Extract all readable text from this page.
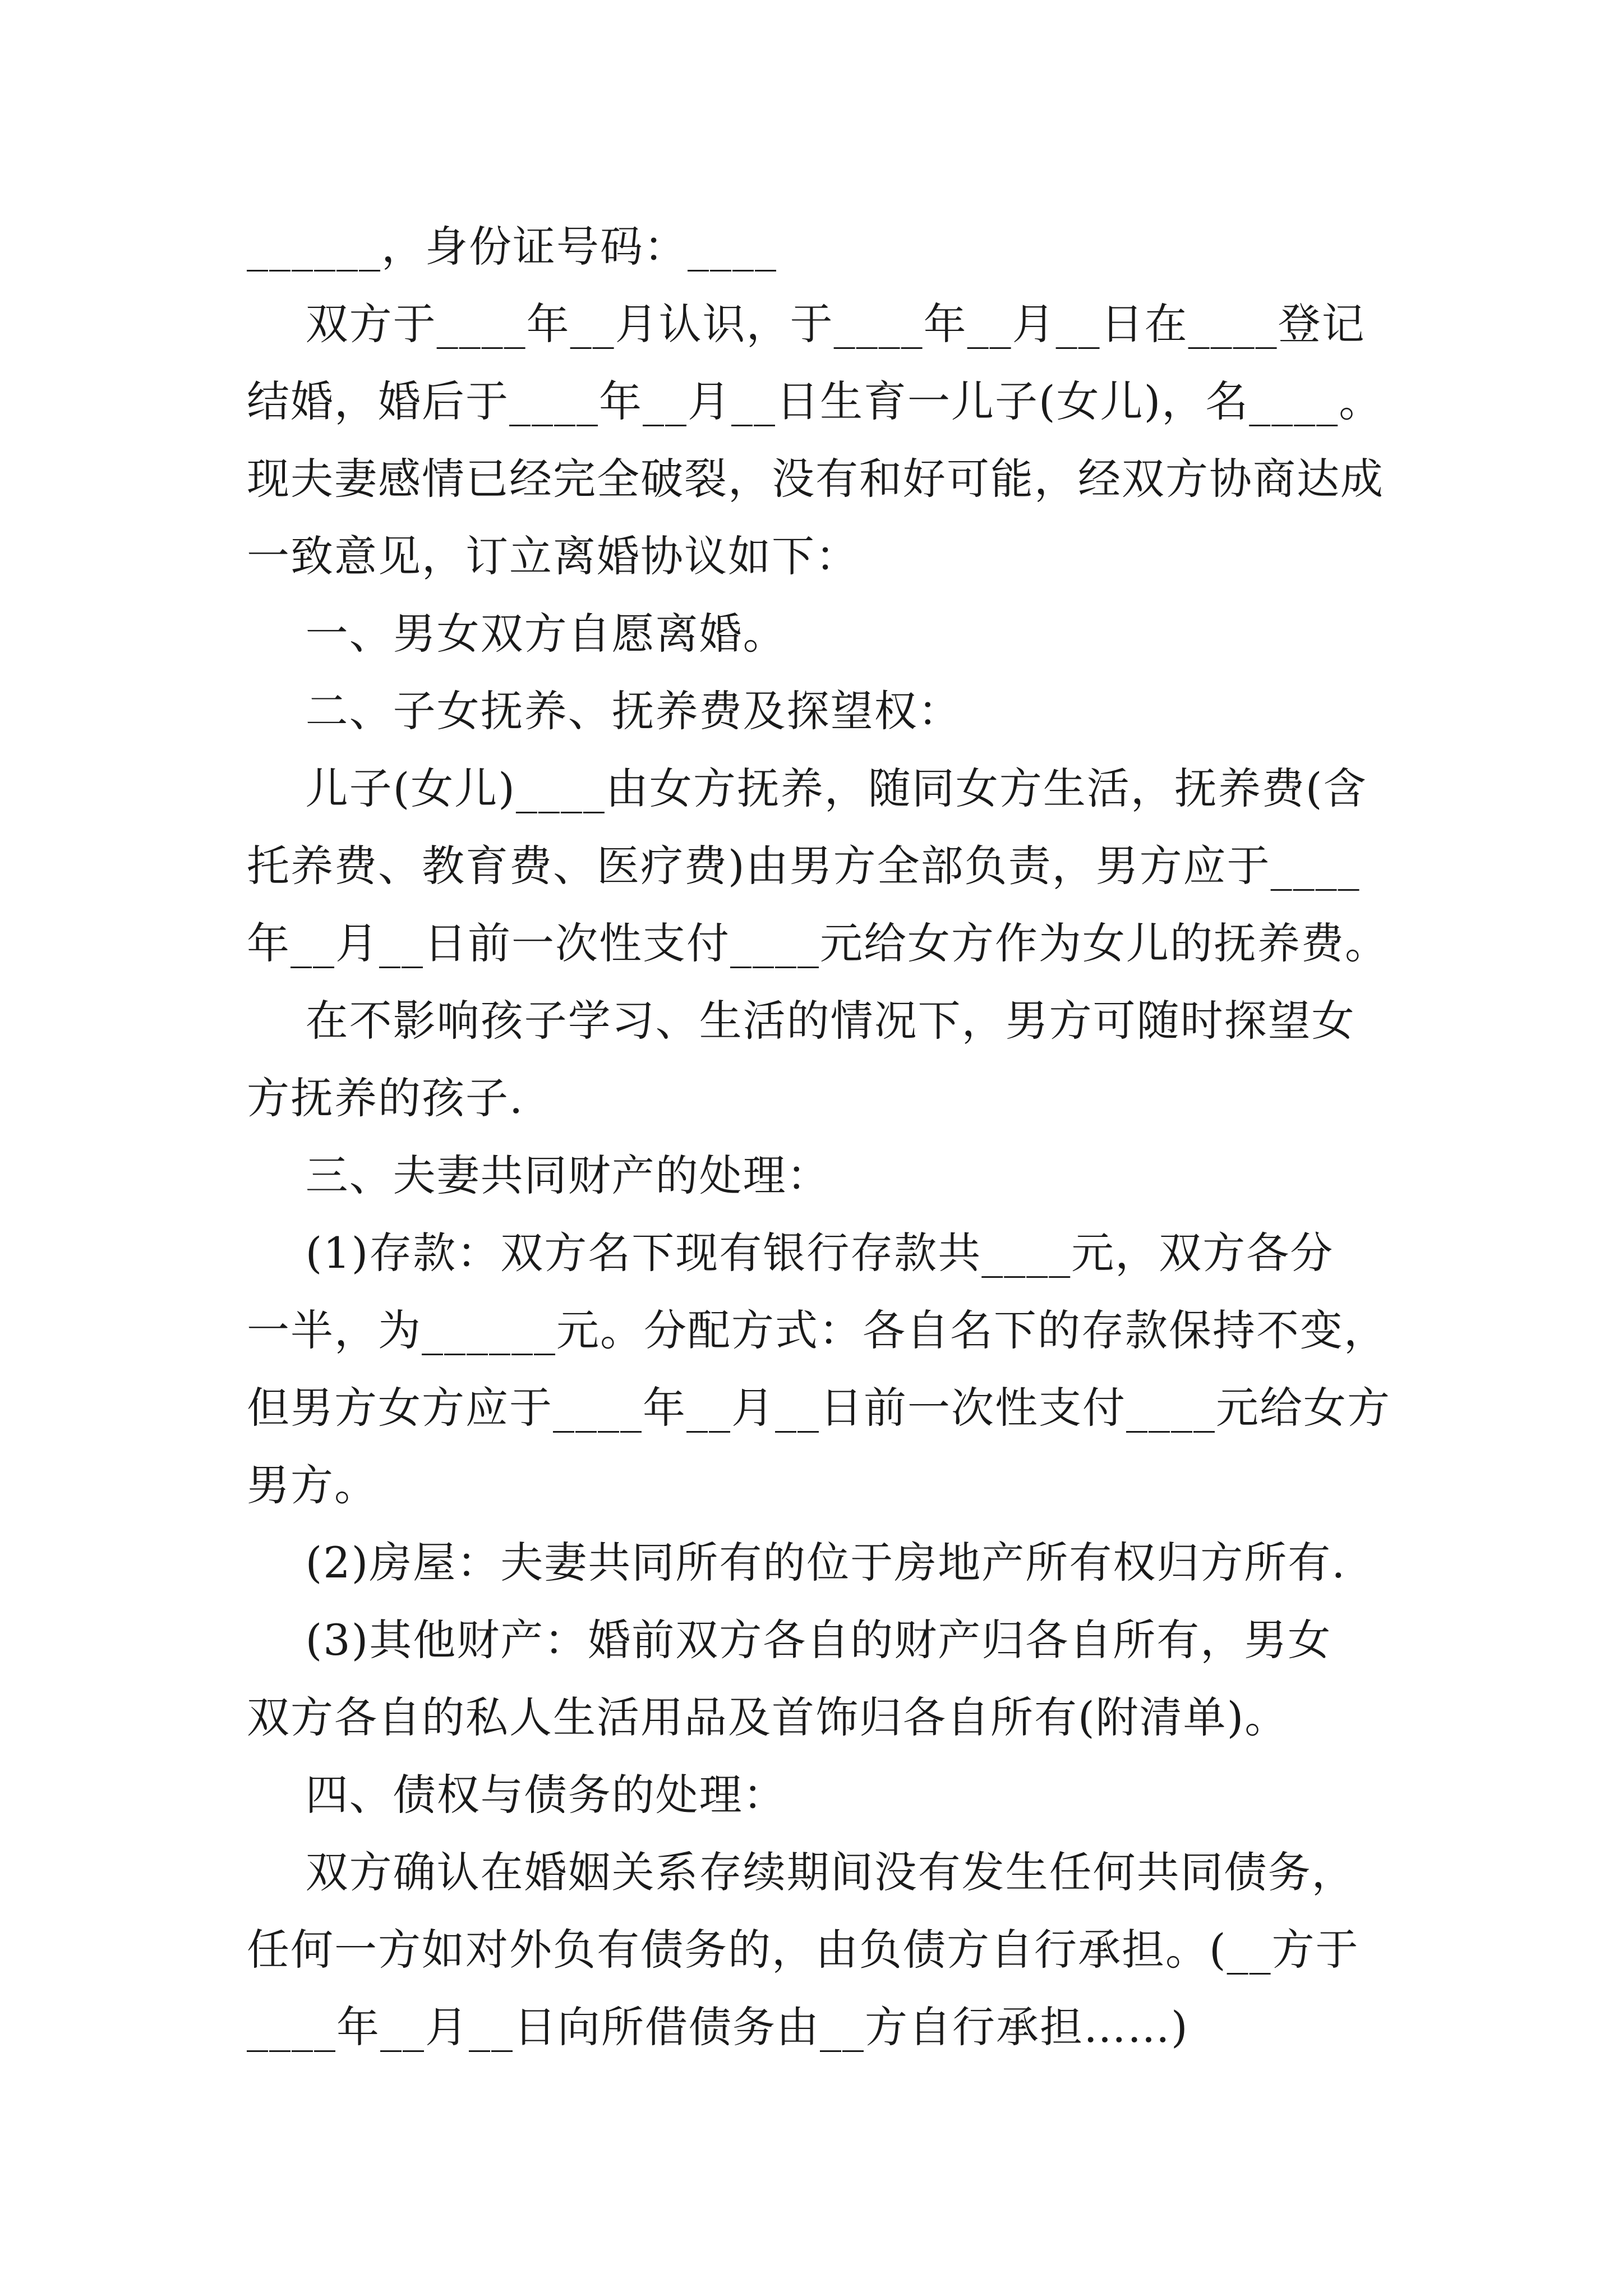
______，身份证号码：____

双方于____年__月认识，于____年__月__日在____登记

结婚，婚后于____年__月__日生育一儿子(女儿)，名____。

现夫妻感情已经完全破裂，没有和好可能，经双方协商达成

一致意见，订立离婚协议如下：

一、男女双方自愿离婚。

二、子女抚养、抚养费及探望权：

儿子(女儿)____由女方抚养，随同女方生活，抚养费(含

托养费、教育费、医疗费)由男方全部负责，男方应于____

年__月__日前一次性支付____元给女方作为女儿的抚养费。

在不影响孩子学习、生活的情况下，男方可随时探望女

方抚养的孩子.

三、夫妻共同财产的处理：

(1)存款：双方名下现有银行存款共____元，双方各分

一半，为______元。分配方式：各自名下的存款保持不变，

但男方女方应于____年__月__日前一次性支付____元给女方

男方。

(2)房屋：夫妻共同所有的位于房地产所有权归方所有.

(3)其他财产：婚前双方各自的财产归各自所有，男女

双方各自的私人生活用品及首饰归各自所有(附清单)。

四、债权与债务的处理：

双方确认在婚姻关系存续期间没有发生任何共同债务，

任何一方如对外负有债务的，由负债方自行承担。(__方于

____年__月__日向所借债务由__方自行承担……)
